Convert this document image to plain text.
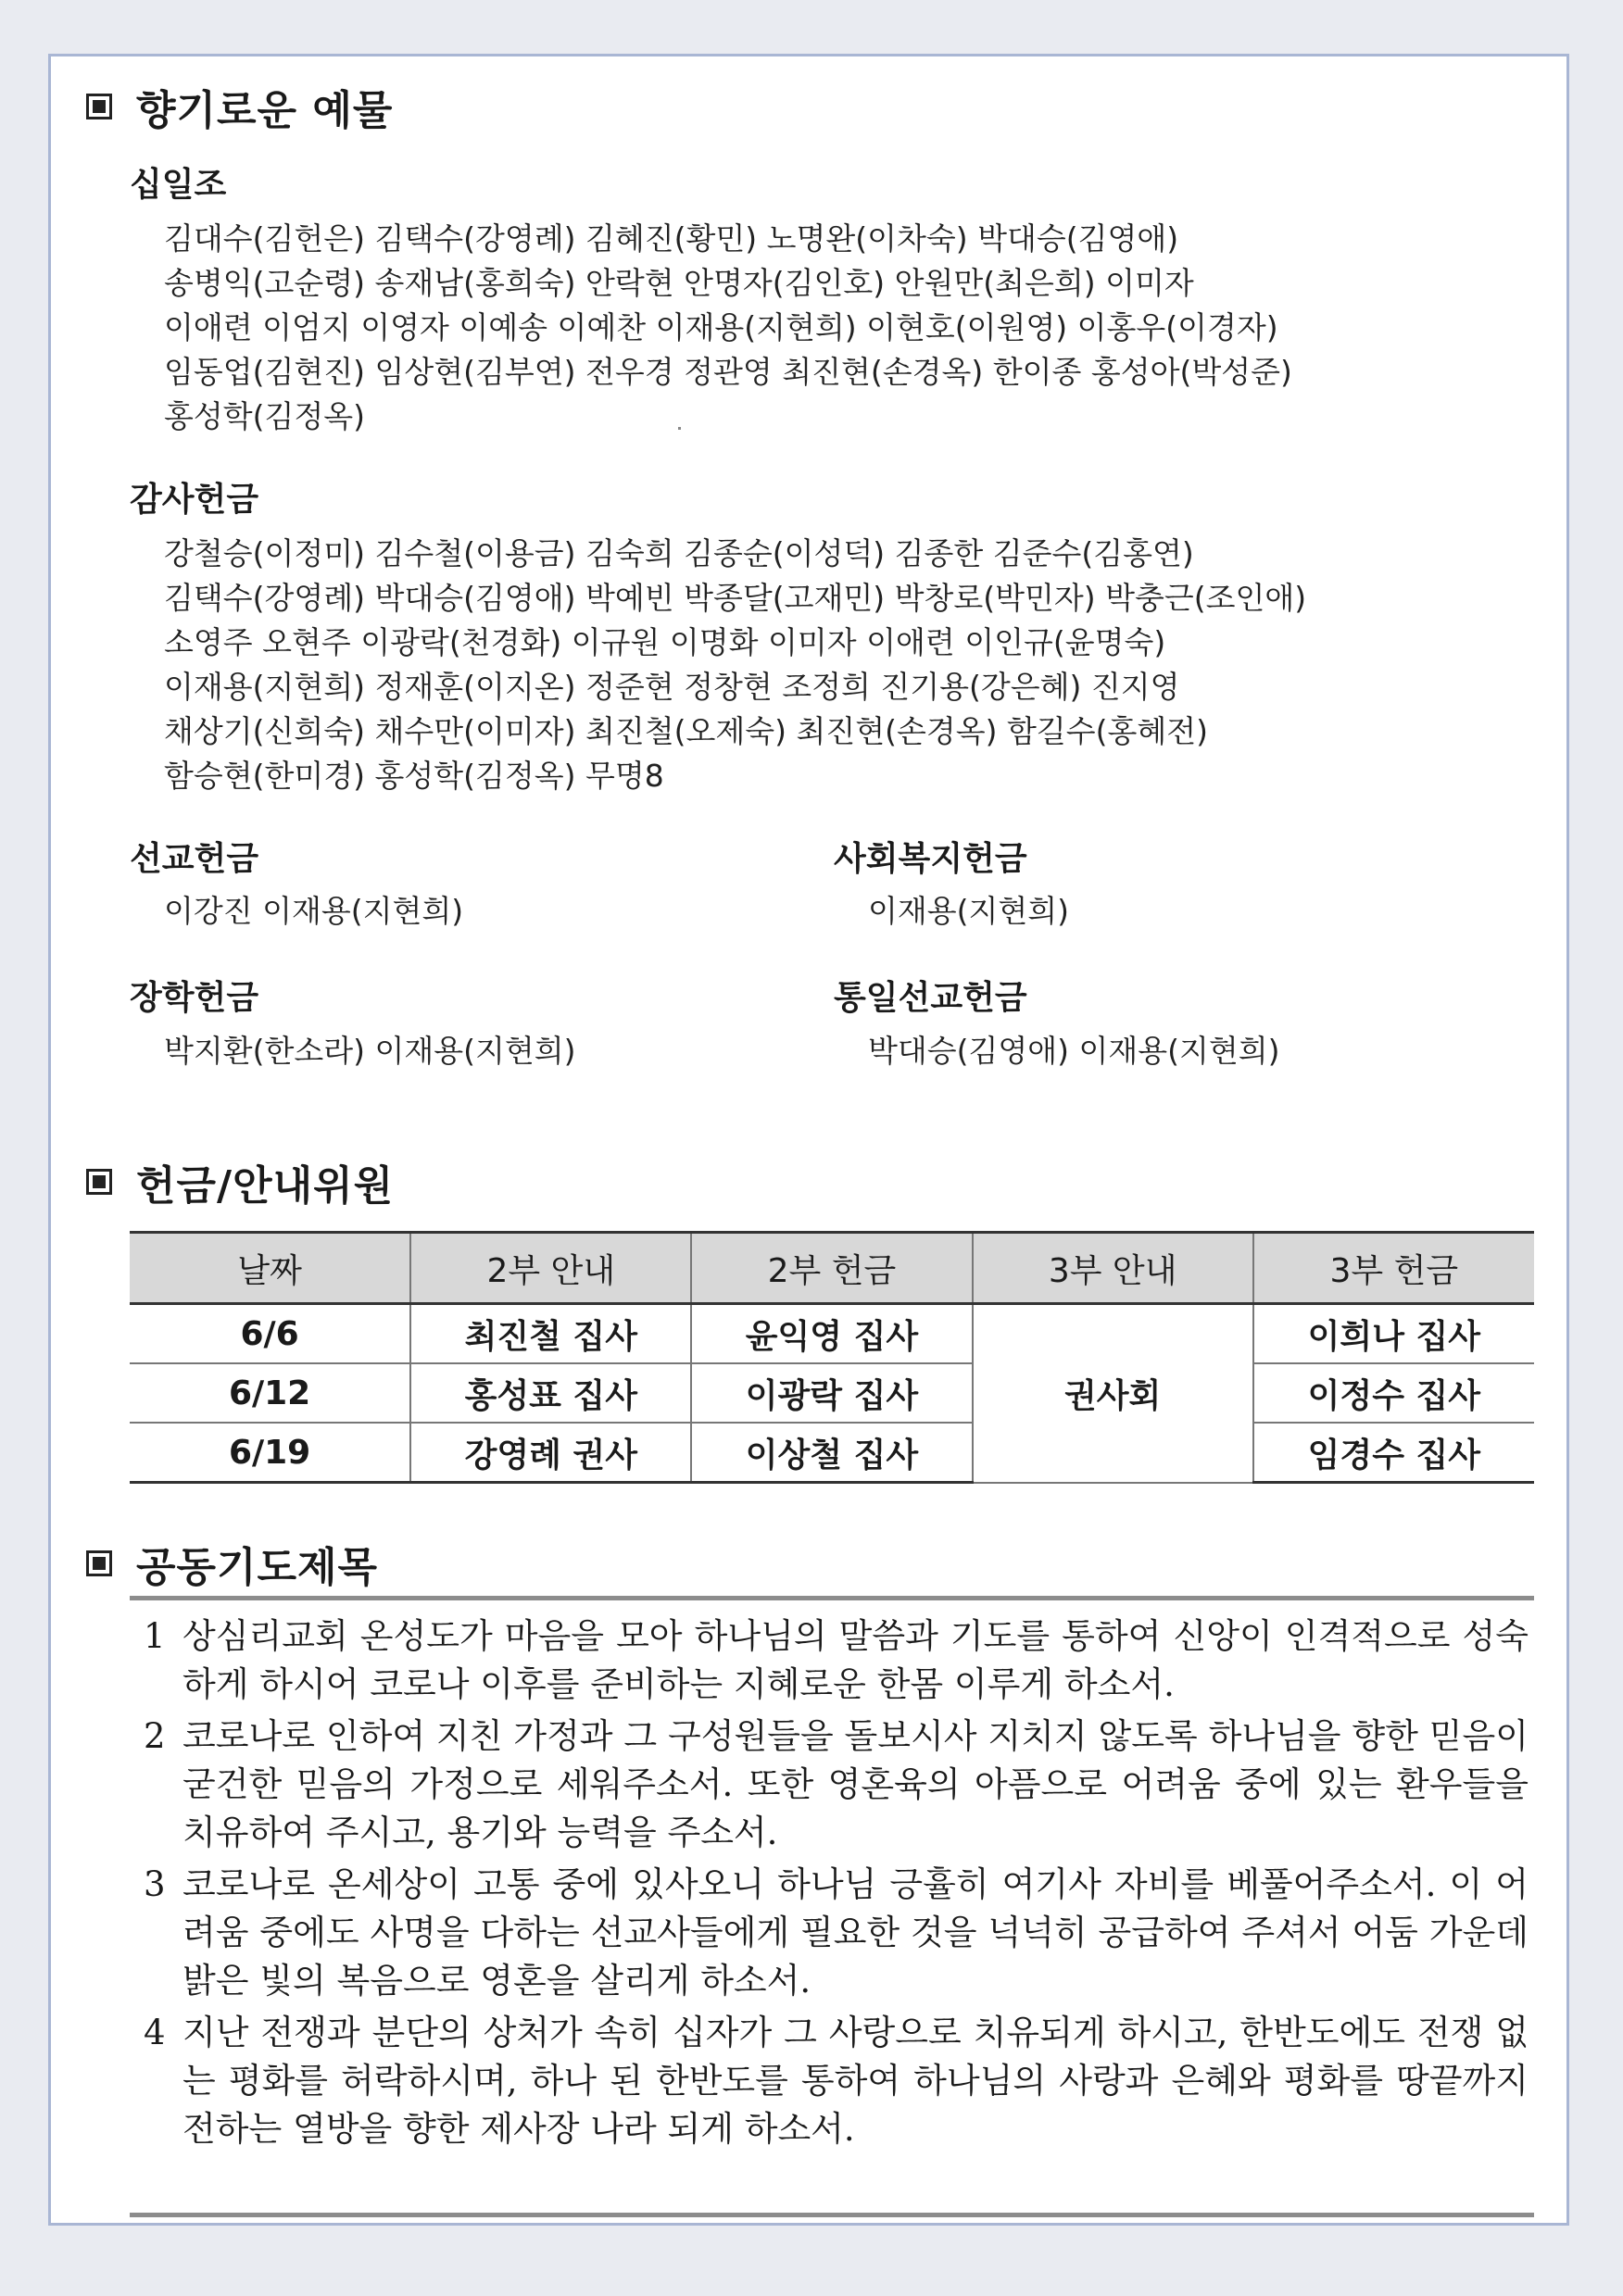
향기로운 예물
십일조
김대수(김헌은) 김택수(강영례) 김혜진(황민) 노명완(이차숙) 박대승(김영애)
송병익(고순령) 송재남(홍희숙) 안락현 안명자(김인호) 안원만(최은희) 이미자
이애련 이엄지 이영자 이예송 이예찬 이재용(지현희) 이현호(이원영) 이홍우(이경자)
임동업(김현진) 임상현(김부연) 전우경 정관영 최진현(손경옥) 한이종 홍성아(박성준)
홍성학(김정옥)
감사헌금
강철승(이정미) 김수철(이용금) 김숙희 김종순(이성덕) 김종한 김준수(김홍연)
김택수(강영례) 박대승(김영애) 박예빈 박종달(고재민) 박창로(박민자) 박충근(조인애)
소영주 오현주 이광락(천경화) 이규원 이명화 이미자 이애련 이인규(윤명숙)
이재용(지현희) 정재훈(이지온) 정준현 정창현 조정희 진기용(강은혜) 진지영
채상기(신희숙) 채수만(이미자) 최진철(오제숙) 최진현(손경옥) 함길수(홍혜전)
함승현(한미경) 홍성학(김정옥) 무명8
선교헌금
이강진 이재용(지현희)
사회복지헌금
이재용(지현희)
장학헌금
박지환(한소라) 이재용(지현희)
통일선교헌금
박대승(김영애) 이재용(지현희)
헌금/안내위원
날짜	2부 안내	2부 헌금	3부 안내	3부 헌금
6/6	최진철 집사	윤익영 집사	권사회	이희나 집사
6/12	홍성표 집사	이광락 집사		이정수 집사
6/19	강영례 권사	이상철 집사		임경수 집사
공동기도제목
1 상심리교회 온성도가 마음을 모아 하나님의 말씀과 기도를 통하여 신앙이 인격적으로 성숙하게 하시어 코로나 이후를 준비하는 지혜로운 한몸 이루게 하소서.
2 코로나로 인하여 지친 가정과 그 구성원들을 돌보시사 지치지 않도록 하나님을 향한 믿음이 굳건한 믿음의 가정으로 세워주소서. 또한 영혼육의 아픔으로 어려움 중에 있는 환우들을 치유하여 주시고, 용기와 능력을 주소서.
3 코로나로 온세상이 고통 중에 있사오니 하나님 긍휼히 여기사 자비를 베풀어주소서. 이 어려움 중에도 사명을 다하는 선교사들에게 필요한 것을 넉넉히 공급하여 주셔서 어둠 가운데 밝은 빛의 복음으로 영혼을 살리게 하소서.
4 지난 전쟁과 분단의 상처가 속히 십자가 그 사랑으로 치유되게 하시고, 한반도에도 전쟁 없는 평화를 허락하시며, 하나 된 한반도를 통하여 하나님의 사랑과 은혜와 평화를 땅끝까지 전하는 열방을 향한 제사장 나라 되게 하소서.
